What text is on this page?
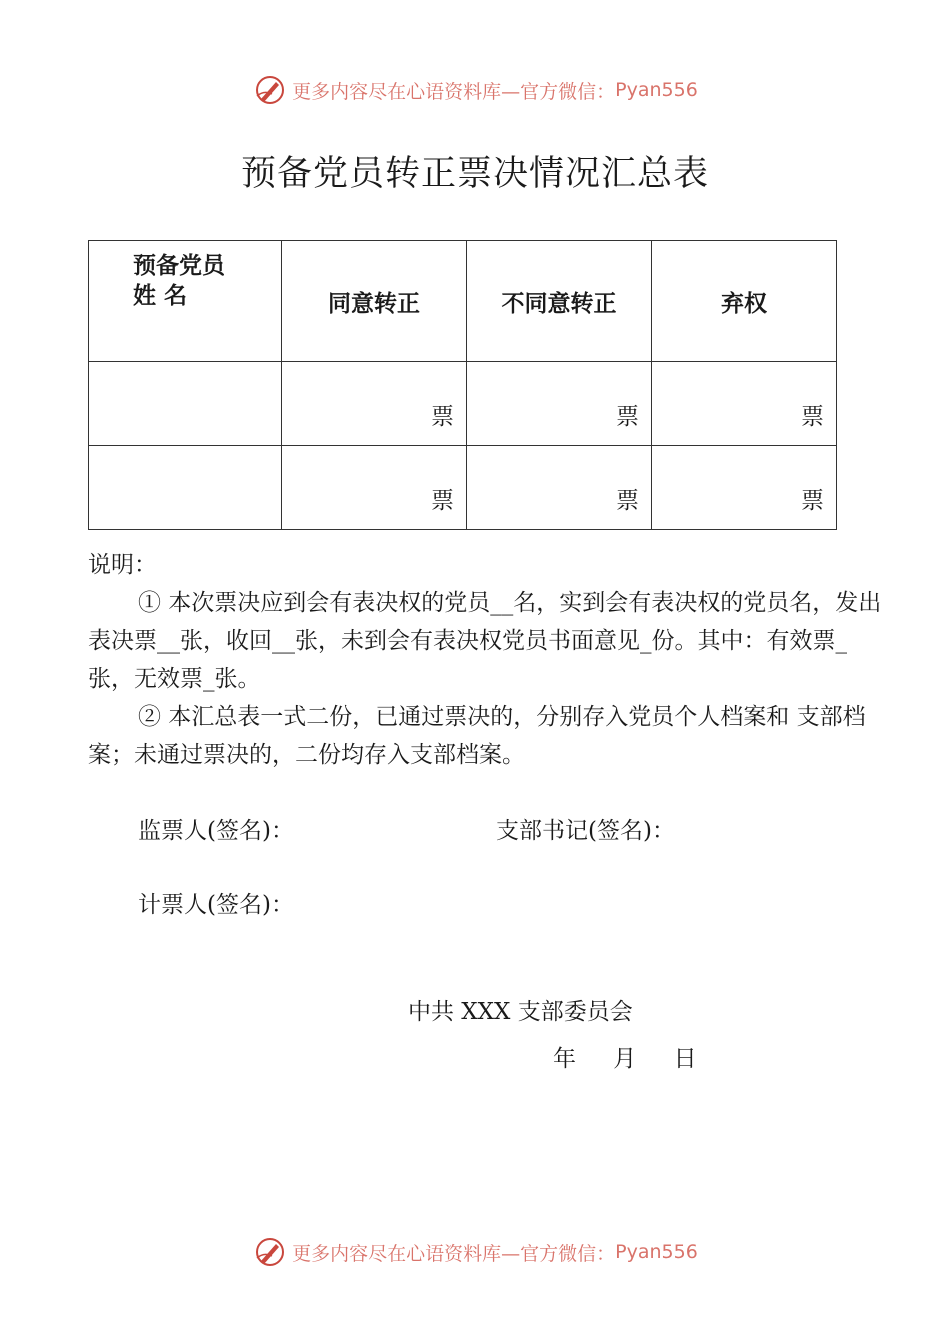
更多内容尽在心语资料库—官方微信： Pyan556
预备党员转正票决情况汇总表
预备党员
姓 名	同意转正	不同意转正	弃权
	票	票	票
	票	票	票

说明：

① 本次票决应到会有表决权的党员__名，实到会有表决权的党员名，发出表决票__张，收回__张，未到会有表决权党员书面意见_份。其中：有效票_张，无效票_张。

② 本汇总表一式二份，已通过票决的，分别存入党员个人档案和 支部档案；未通过票决的，二份均存入支部档案。

监票人(签名)：	支部书记(签名)：
计票人(签名)：
中共 XXX 支部委员会
年 月 日
更多内容尽在心语资料库—官方微信： Pyan556
